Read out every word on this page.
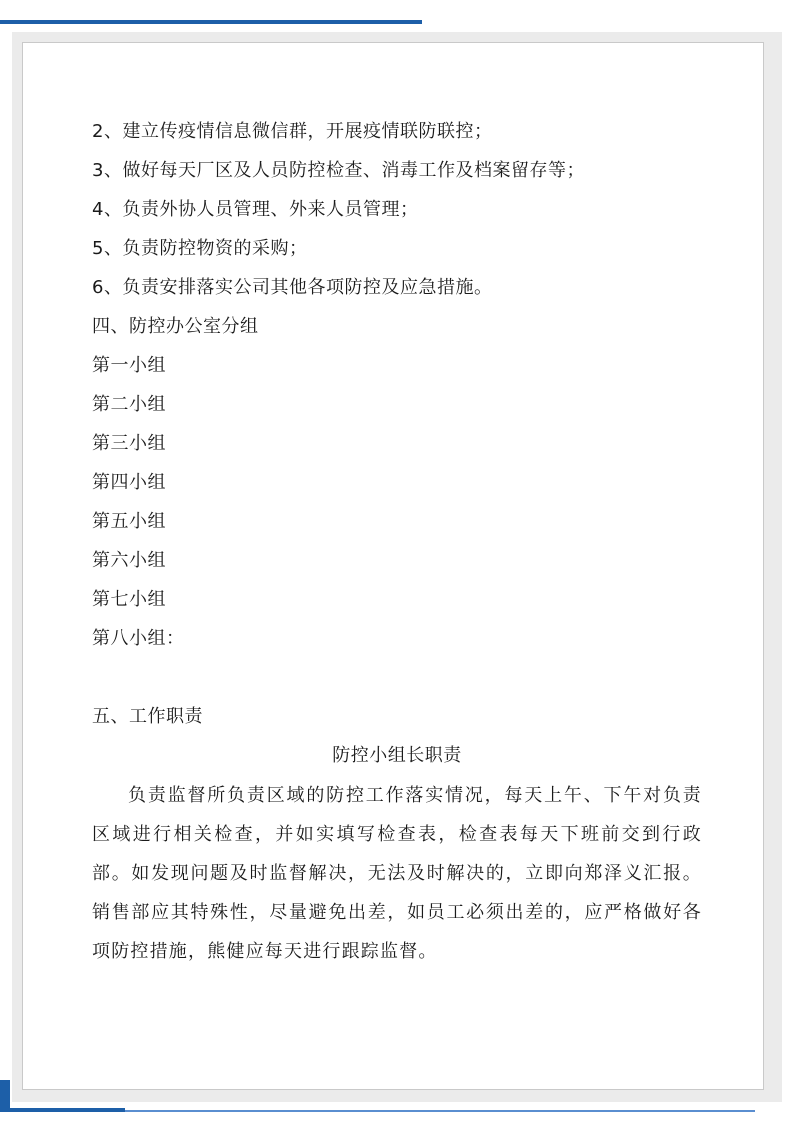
2、建立传疫情信息微信群，开展疫情联防联控；
3、做好每天厂区及人员防控检查、消毒工作及档案留存等；
4、负责外协人员管理、外来人员管理；
5、负责防控物资的采购；
6、负责安排落实公司其他各项防控及应急措施。
四、防控办公室分组
第一小组
第二小组
第三小组
第四小组
第五小组
第六小组
第七小组
第八小组：
五、工作职责
防控小组长职责
负责监督所负责区域的防控工作落实情况，每天上午、下午对负责区域进行相关检查，并如实填写检查表，检查表每天下班前交到行政部。如发现问题及时监督解决，无法及时解决的，立即向郑泽义汇报。销售部应其特殊性，尽量避免出差，如员工必须出差的，应严格做好各项防控措施，熊健应每天进行跟踪监督。
